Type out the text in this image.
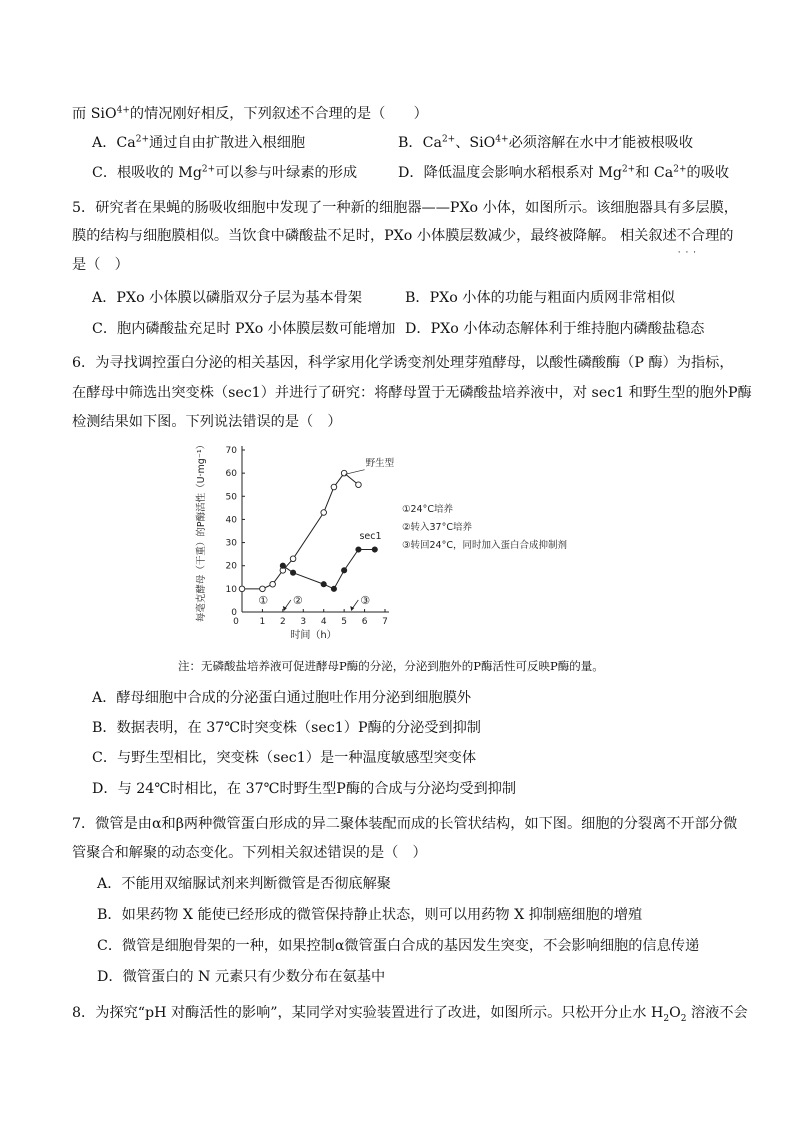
而 SiO$^{4+}$的情况刚好相反，下列叙述不合理的是（　　）
A．$Ca^{2+}$通过自由扩散进入根细胞	B．$Ca^{2+}$、SiO$^{4+}$必须溶解在水中才能被根吸收
C．根吸收的 $Mg^{2+}$可以参与叶绿素的形成	D．降低温度会影响水稻根系对 $Mg^{2+}$和 $Ca^{2+}$的吸收
5．研究者在果蝇的肠吸收细胞中发现了一种新的细胞器——PXo 小体，如图所示。该细胞器具有多层膜，
膜的结构与细胞膜相似。当饮食中磷酸盐不足时，PXo 小体膜层数减少，最终被降解。 相关叙述不合理 · · ·的
是（　）
A．PXo 小体膜以磷脂双分子层为基本骨架	B．PXo 小体的功能与粗面内质网非常相似
C．胞内磷酸盐充足时 PXo 小体膜层数可能增加 D．PXo 小体动态解体利于维持胞内磷酸盐稳态
6．为寻找调控蛋白分泌的相关基因，科学家用化学诱变剂处理芽殖酵母，以酸性磷酸酶（P 酶）为指标，
在酵母中筛选出突变株（sec1）并进行了研究：将酵母置于无磷酸盐培养液中，对 sec1 和野生型的胞外P酶
检测结果如下图。下列说法错误的是（　）
0
10
20
30
40
50
60
70
1 2 3 4 5 6 7
0
时间（h）
每毫克酵母（干重）的P酶活性（U·mg⁻¹）	野生型
sec1
① ②	③
①24°C培养
②转入37°C培养
③转回24°C，同时加入蛋白合成抑制剂
注：无磷酸盐培养液可促进酵母P酶的分泌，分泌到胞外的P酶活性可反映P酶的量。
A．酵母细胞中合成的分泌蛋白通过胞吐作用分泌到细胞膜外
B．数据表明，在 37℃时突变株（sec1）P酶的分泌受到抑制
C．与野生型相比，突变株（sec1）是一种温度敏感型突变体
D．与 24℃时相比，在 37℃时野生型P酶的合成与分泌均受到抑制
7．微管是由α和β两种微管蛋白形成的异二聚体装配而成的长管状结构，如下图。细胞的分裂离不开部分微
管聚合和解聚的动态变化。下列相关叙述错误的是（　）
A．不能用双缩脲试剂来判断微管是否彻底解聚
B．如果药物 X 能使已经形成的微管保持静止状态，则可以用药物 X 抑制癌细胞的增殖
C．微管是细胞骨架的一种，如果控制α微管蛋白合成的基因发生突变，不会影响细胞的信息传递
D．微管蛋白的 N 元素只有少数分布在氨基中
8．为探究“pH 对酶活性的影响”，某同学对实验装置进行了改进，如图所示。只松开分止水 $H_2O_2$ 溶液不会
